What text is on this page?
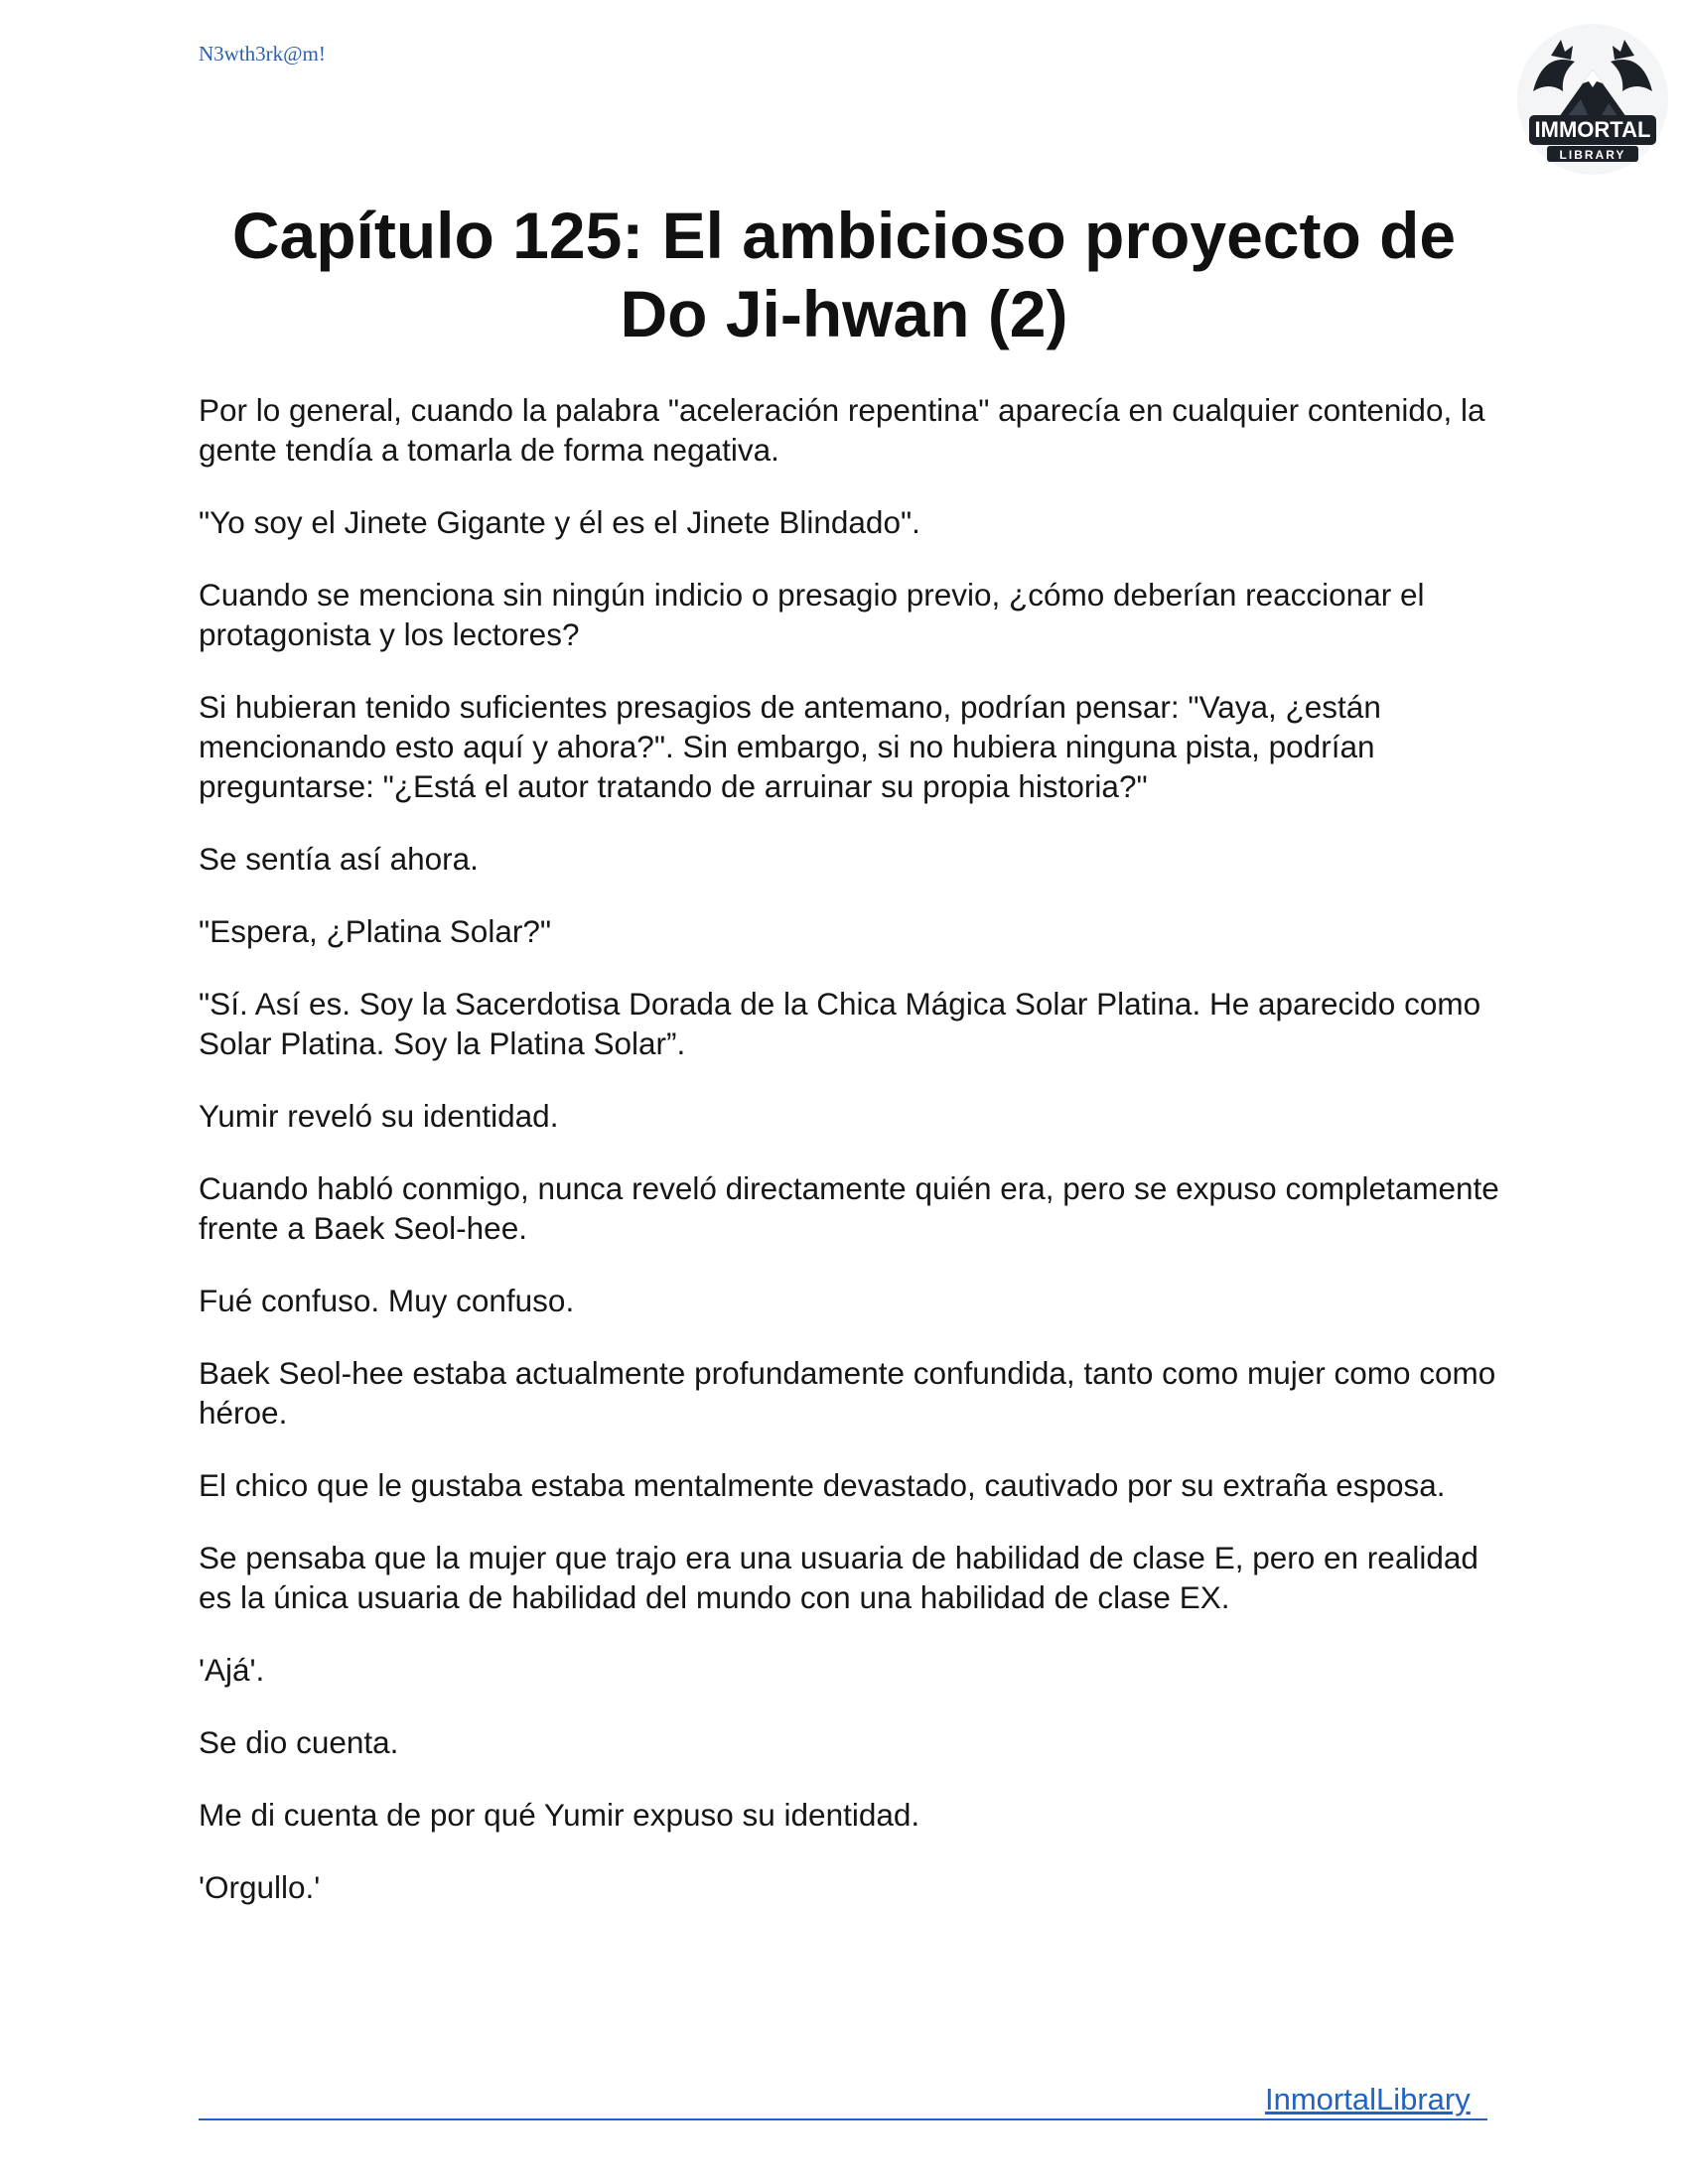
N3wth3rk@m!
IMMORTAL
LIBRARY
Capítulo 125: El ambicioso proyecto de
Do Ji-hwan (2)

Por lo general, cuando la palabra "aceleración repentina" aparecía en cualquier contenido, la gente tendía a tomarla de forma negativa.

"Yo soy el Jinete Gigante y él es el Jinete Blindado".

Cuando se menciona sin ningún indicio o presagio previo, ¿cómo deberían reaccionar el protagonista y los lectores?

Si hubieran tenido suficientes presagios de antemano, podrían pensar: "Vaya, ¿están mencionando esto aquí y ahora?". Sin embargo, si no hubiera ninguna pista, podrían preguntarse: "¿Está el autor tratando de arruinar su propia historia?"

Se sentía así ahora.

"Espera, ¿Platina Solar?"

"Sí. Así es. Soy la Sacerdotisa Dorada de la Chica Mágica Solar Platina. He aparecido como Solar Platina. Soy la Platina Solar”.

Yumir reveló su identidad.

Cuando habló conmigo, nunca reveló directamente quién era, pero se expuso completamente frente a Baek Seol-hee.

Fué confuso. Muy confuso.

Baek Seol-hee estaba actualmente profundamente confundida, tanto como mujer como como héroe.

El chico que le gustaba estaba mentalmente devastado, cautivado por su extraña esposa.

Se pensaba que la mujer que trajo era una usuaria de habilidad de clase E, pero en realidad es la única usuaria de habilidad del mundo con una habilidad de clase EX.

'Ajá'.

Se dio cuenta.

Me di cuenta de por qué Yumir expuso su identidad.

'Orgullo.'

InmortalLibrary
